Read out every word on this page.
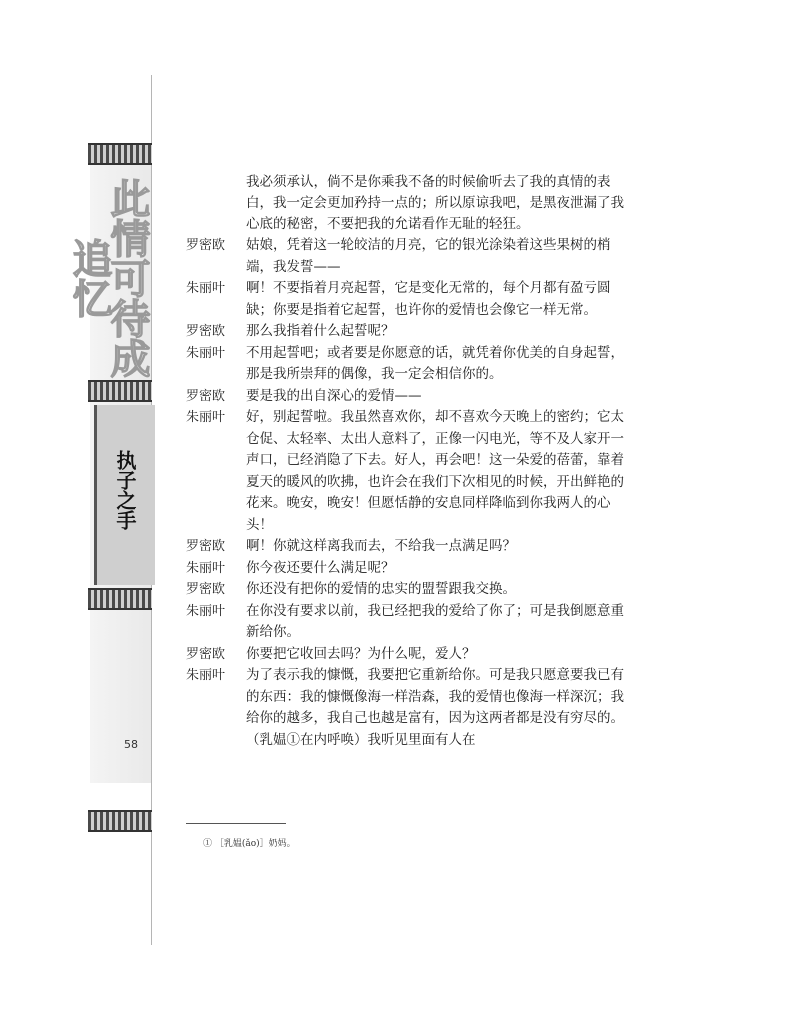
此情可待成追忆
执子之手
58

我必须承认，倘不是你乘我不备的时候偷听去了我的真情的表白，我一定会更加矜持一点的；所以原谅我吧，是黑夜泄漏了我心底的秘密，不要把我的允诺看作无耻的轻狂。

罗密欧	姑娘，凭着这一轮皎洁的月亮，它的银光涂染着这些果树的梢端，我发誓——
朱丽叶	啊！不要指着月亮起誓，它是变化无常的，每个月都有盈亏圆缺；你要是指着它起誓，也许你的爱情也会像它一样无常。
罗密欧	那么我指着什么起誓呢？
朱丽叶	不用起誓吧；或者要是你愿意的话，就凭着你优美的自身起誓，那是我所崇拜的偶像，我一定会相信你的。
罗密欧	要是我的出自深心的爱情——
朱丽叶	好，别起誓啦。我虽然喜欢你，却不喜欢今天晚上的密约；它太仓促、太轻率、太出人意料了，正像一闪电光，等不及人家开一声口，已经消隐了下去。好人，再会吧！这一朵爱的蓓蕾，靠着夏天的暖风的吹拂，也许会在我们下次相见的时候，开出鲜艳的花来。晚安，晚安！但愿恬静的安息同样降临到你我两人的心头！
罗密欧	啊！你就这样离我而去，不给我一点满足吗？
朱丽叶	你今夜还要什么满足呢？
罗密欧	你还没有把你的爱情的忠实的盟誓跟我交换。
朱丽叶	在你没有要求以前，我已经把我的爱给了你了；可是我倒愿意重新给你。
罗密欧	你要把它收回去吗？为什么呢，爱人？
朱丽叶	为了表示我的慷慨，我要把它重新给你。可是我只愿意要我已有的东西：我的慷慨像海一样浩森，我的爱情也像海一样深沉；我给你的越多，我自己也越是富有，因为这两者都是没有穷尽的。（乳媪①在内呼唤）我听见里面有人在
① ［乳媪(ǎo)］奶妈。
